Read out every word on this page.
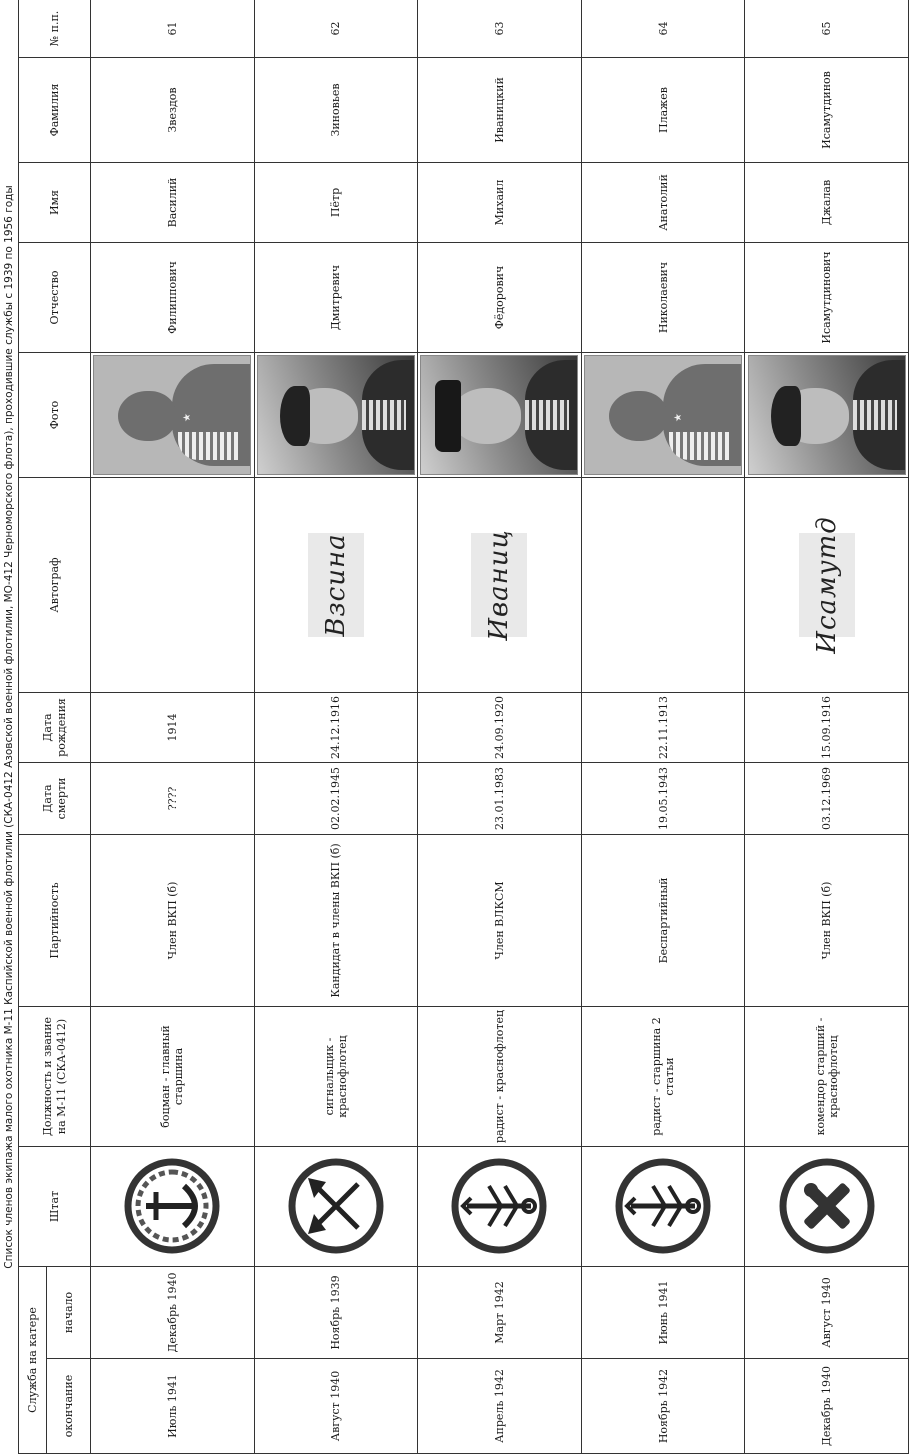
Список членов экипажа малого охотника М-11 Каспийской военной флотилии (СКА-0412 Азовской военной флотилии, МО-412 Черноморского флота), проходившие службы с 1939 по 1956 годы
Служба на катере		Штат	Должность и звание на М-11 (СКА-0412)	Партийность	Дата смерти	Дата рождения	Автограф	Фото	Отчество	Имя	Фамилия	№ п.п.
окончание	начало											
Июль 1941	Декабрь 1940		боцман - главный старшина	Член ВКП (б)	????	1914		★	Филиппович	Василий	Звездов	61
Август 1940	Ноябрь 1939		сигнальщик - краснофлотец	Кандидат в члены ВКП (б)	02.02.1945	24.12.1916	Взсина		Дмитревич	Пётр	Зиновьев	62
Апрель 1942	Март 1942		радист - краснофлотец	Член ВЛКСМ	23.01.1983	24.09.1920	Иваниц		Фёдорович	Михаил	Иваницкий	63
Ноябрь 1942	Июнь 1941		радист - старшина 2 статьи	Беспартийный	19.05.1943	22.11.1913		★	Николаевич	Анатолий	Плажев	64
Декабрь 1940	Август 1940		комендор старший - краснофлотец	Член ВКП (б)	03.12.1969	15.09.1916	Исамутд		Исамутдинович	Джалав	Исамутдинов	65
